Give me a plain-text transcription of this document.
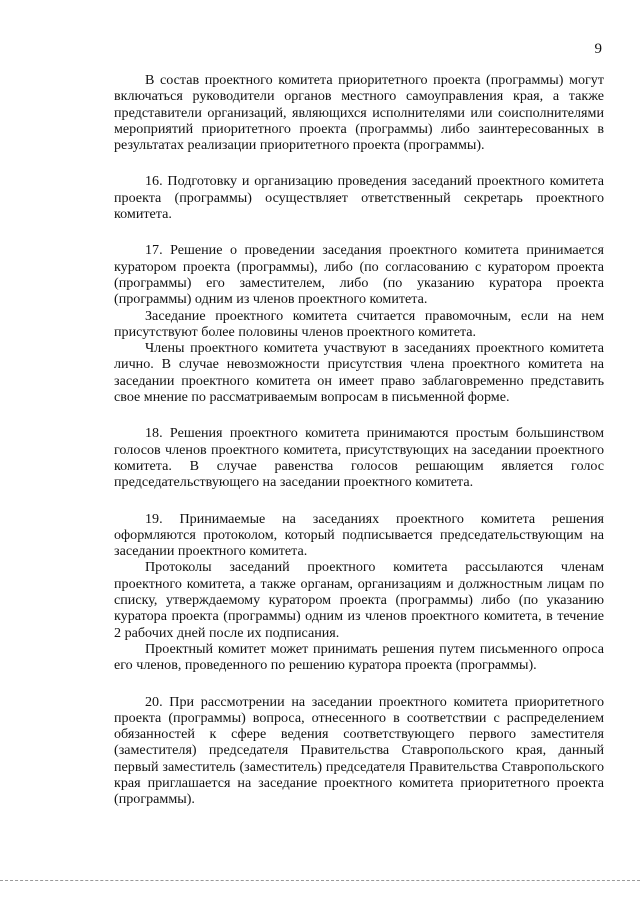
9

В состав проектного комитета приоритетного проекта (программы) могут включаться руководители органов местного самоуправления края, а также представители организаций, являющихся исполнителями или соисполнителями мероприятий приоритетного проекта (программы) либо заинтересованных в результатах реализации приоритетного проекта (программы).

16. Подготовку и организацию проведения заседаний проектного комитета проекта (программы) осуществляет ответственный секретарь проектного комитета.

17. Решение о проведении заседания проектного комитета принимается куратором проекта (программы), либо (по согласованию с куратором проекта (программы) его заместителем, либо (по указанию куратора проекта (программы) одним из членов проектного комитета.

Заседание проектного комитета считается правомочным, если на нем присутствуют более половины членов проектного комитета.

Члены проектного комитета участвуют в заседаниях проектного комитета лично. В случае невозможности присутствия члена проектного комитета на заседании проектного комитета он имеет право заблаговременно представить свое мнение по рассматриваемым вопросам в письменной форме.

18. Решения проектного комитета принимаются простым большинством голосов членов проектного комитета, присутствующих на заседании проектного комитета. В случае равенства голосов решающим является голос председательствующего на заседании проектного комитета.

19. Принимаемые на заседаниях проектного комитета решения оформляются протоколом, который подписывается председательствующим на заседании проектного комитета.

Протоколы заседаний проектного комитета рассылаются членам проектного комитета, а также органам, организациям и должностным лицам по списку, утверждаемому куратором проекта (программы) либо (по указанию куратора проекта (программы) одним из членов проектного комитета, в течение 2 рабочих дней после их подписания.

Проектный комитет может принимать решения путем письменного опроса его членов, проведенного по решению куратора проекта (программы).

20. При рассмотрении на заседании проектного комитета приоритетного проекта (программы) вопроса, отнесенного в соответствии с распределением обязанностей к сфере ведения соответствующего первого заместителя (заместителя) председателя Правительства Ставропольского края, данный первый заместитель (заместитель) председателя Правительства Ставропольского края приглашается на заседание проектного комитета приоритетного проекта (программы).
